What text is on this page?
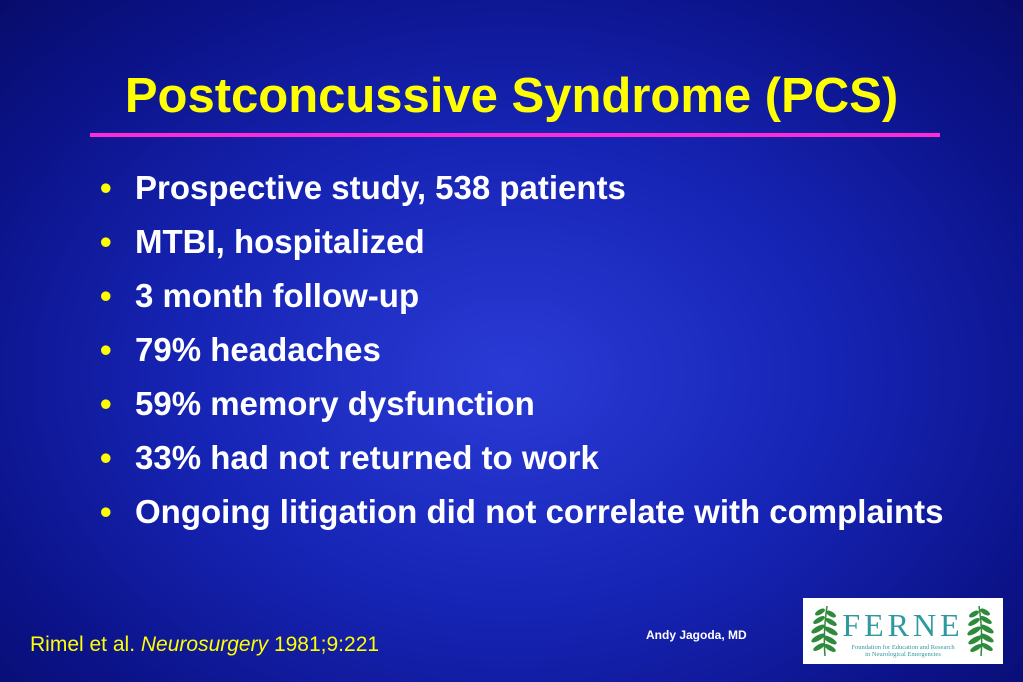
Postconcussive Syndrome (PCS)
• Prospective study, 538 patients
• MTBI, hospitalized
• 3 month follow-up
• 79% headaches
• 59% memory dysfunction
• 33% had not returned to work
• Ongoing litigation did not correlate with complaints
Rimel et al. Neurosurgery 1981;9:221	Andy Jagoda, MD	FERNE
Foundation for Education and Research
in Neurological Emergencies
